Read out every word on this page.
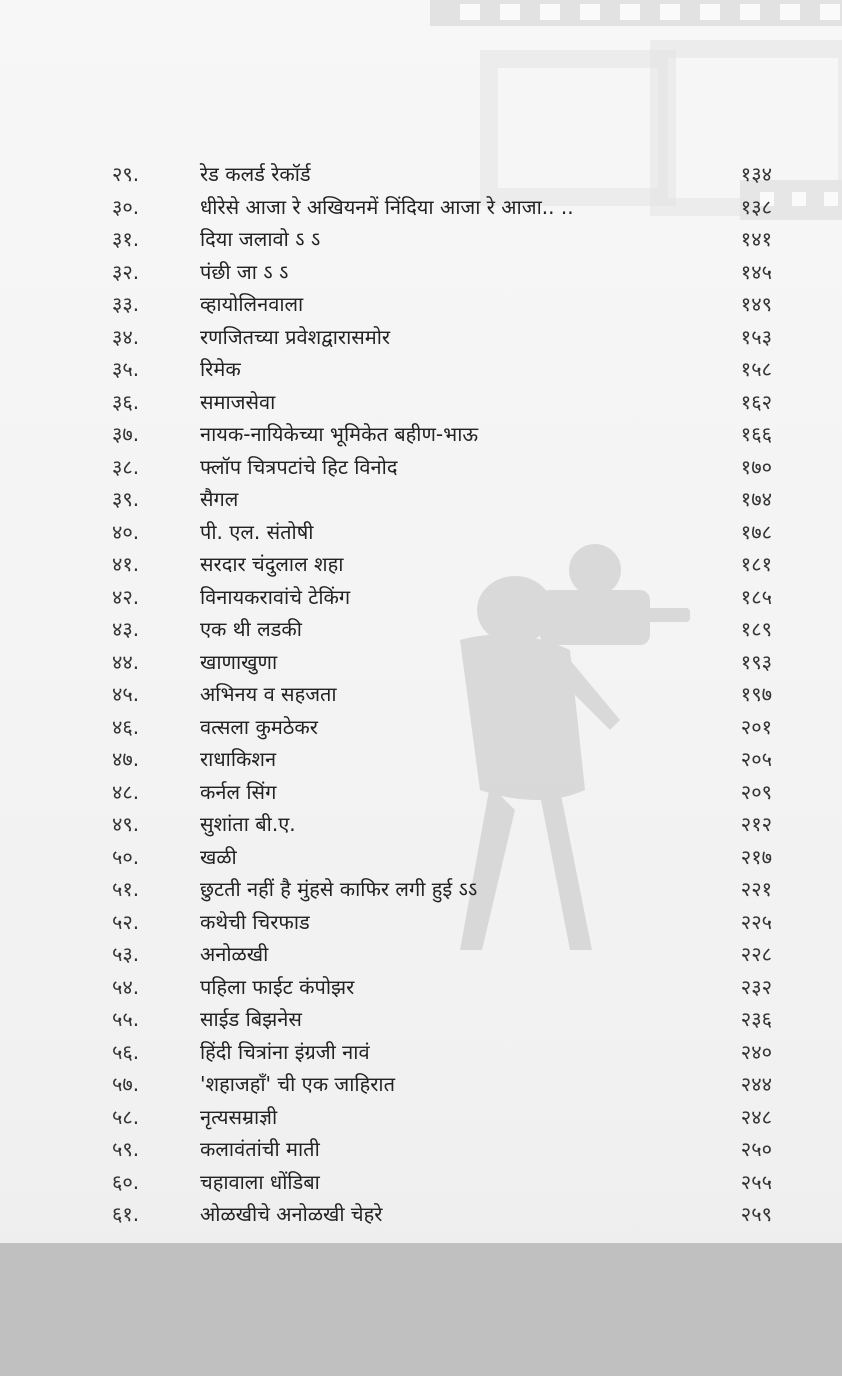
२९.	रेड कलर्ड रेकॉर्ड	१३४
३०.	धीरेसे आजा रे अखियनमें निंदिया आजा रे आजा.. ..	१३८
३१.	दिया जलावो ऽ ऽ	१४१
३२.	पंछी जा ऽ ऽ	१४५
३३.	व्हायोलिनवाला	१४९
३४.	रणजितच्या प्रवेशद्वारासमोर	१५३
३५.	रिमेक	१५८
३६.	समाजसेवा	१६२
३७.	नायक-नायिकेच्या भूमिकेत बहीण-भाऊ	१६६
३८.	फ्लॉप चित्रपटांचे हिट विनोद	१७०
३९.	सैगल	१७४
४०.	पी. एल. संतोषी	१७८
४१.	सरदार चंदुलाल शहा	१८१
४२.	विनायकरावांचे टेकिंग	१८५
४३.	एक थी लडकी	१८९
४४.	खाणाखुणा	१९३
४५.	अभिनय व सहजता	१९७
४६.	वत्सला कुमठेकर	२०१
४७.	राधाकिशन	२०५
४८.	कर्नल सिंग	२०९
४९.	सुशांता बी.ए.	२१२
५०.	खळी	२१७
५१.	छुटती नहीं है मुंहसे काफिर लगी हुई ऽऽ	२२१
५२.	कथेची चिरफाड	२२५
५३.	अनोळखी	२२८
५४.	पहिला फाईट कंपोझर	२३२
५५.	साईड बिझनेस	२३६
५६.	हिंदी चित्रांना इंग्रजी नावं	२४०
५७.	'शहाजहाँ' ची एक जाहिरात	२४४
५८.	नृत्यसम्राज्ञी	२४८
५९.	कलावंतांची माती	२५०
६०.	चहावाला धोंडिबा	२५५
६१.	ओळखीचे अनोळखी चेहरे	२५९
